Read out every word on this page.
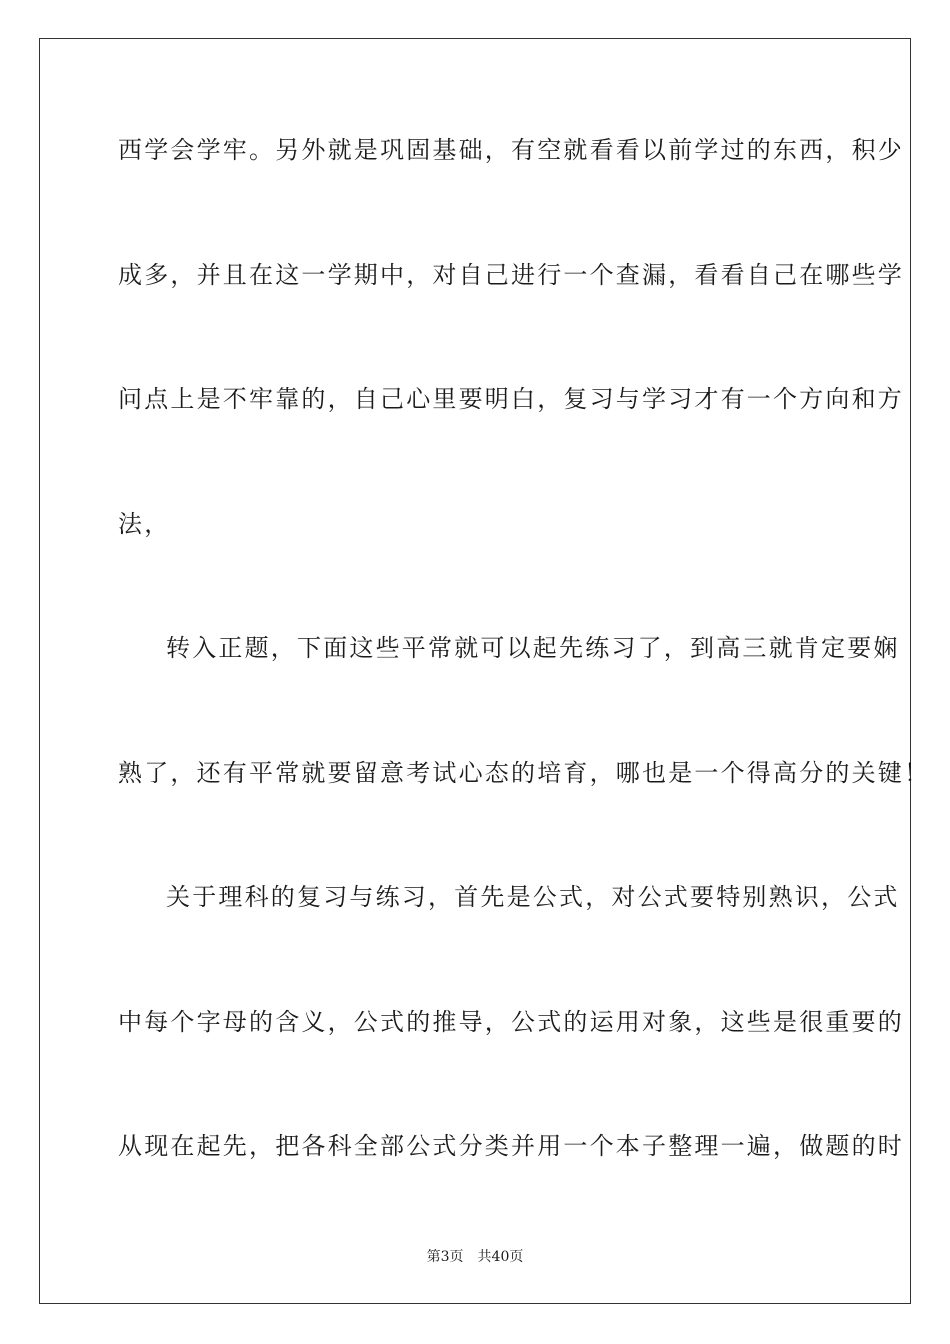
西学会学牢。另外就是巩固基础，有空就看看以前学过的东西，积少
成多，并且在这一学期中，对自己进行一个查漏，看看自己在哪些学
问点上是不牢靠的，自己心里要明白，复习与学习才有一个方向和方
法，
转入正题，下面这些平常就可以起先练习了，到高三就肯定要娴
熟了，还有平常就要留意考试心态的培育，哪也是一个得高分的关键！
关于理科的复习与练习，首先是公式，对公式要特别熟识，公式
中每个字母的含义，公式的推导，公式的运用对象，这些是很重要的
从现在起先，把各科全部公式分类并用一个本子整理一遍，做题的时
第3页 共40页
